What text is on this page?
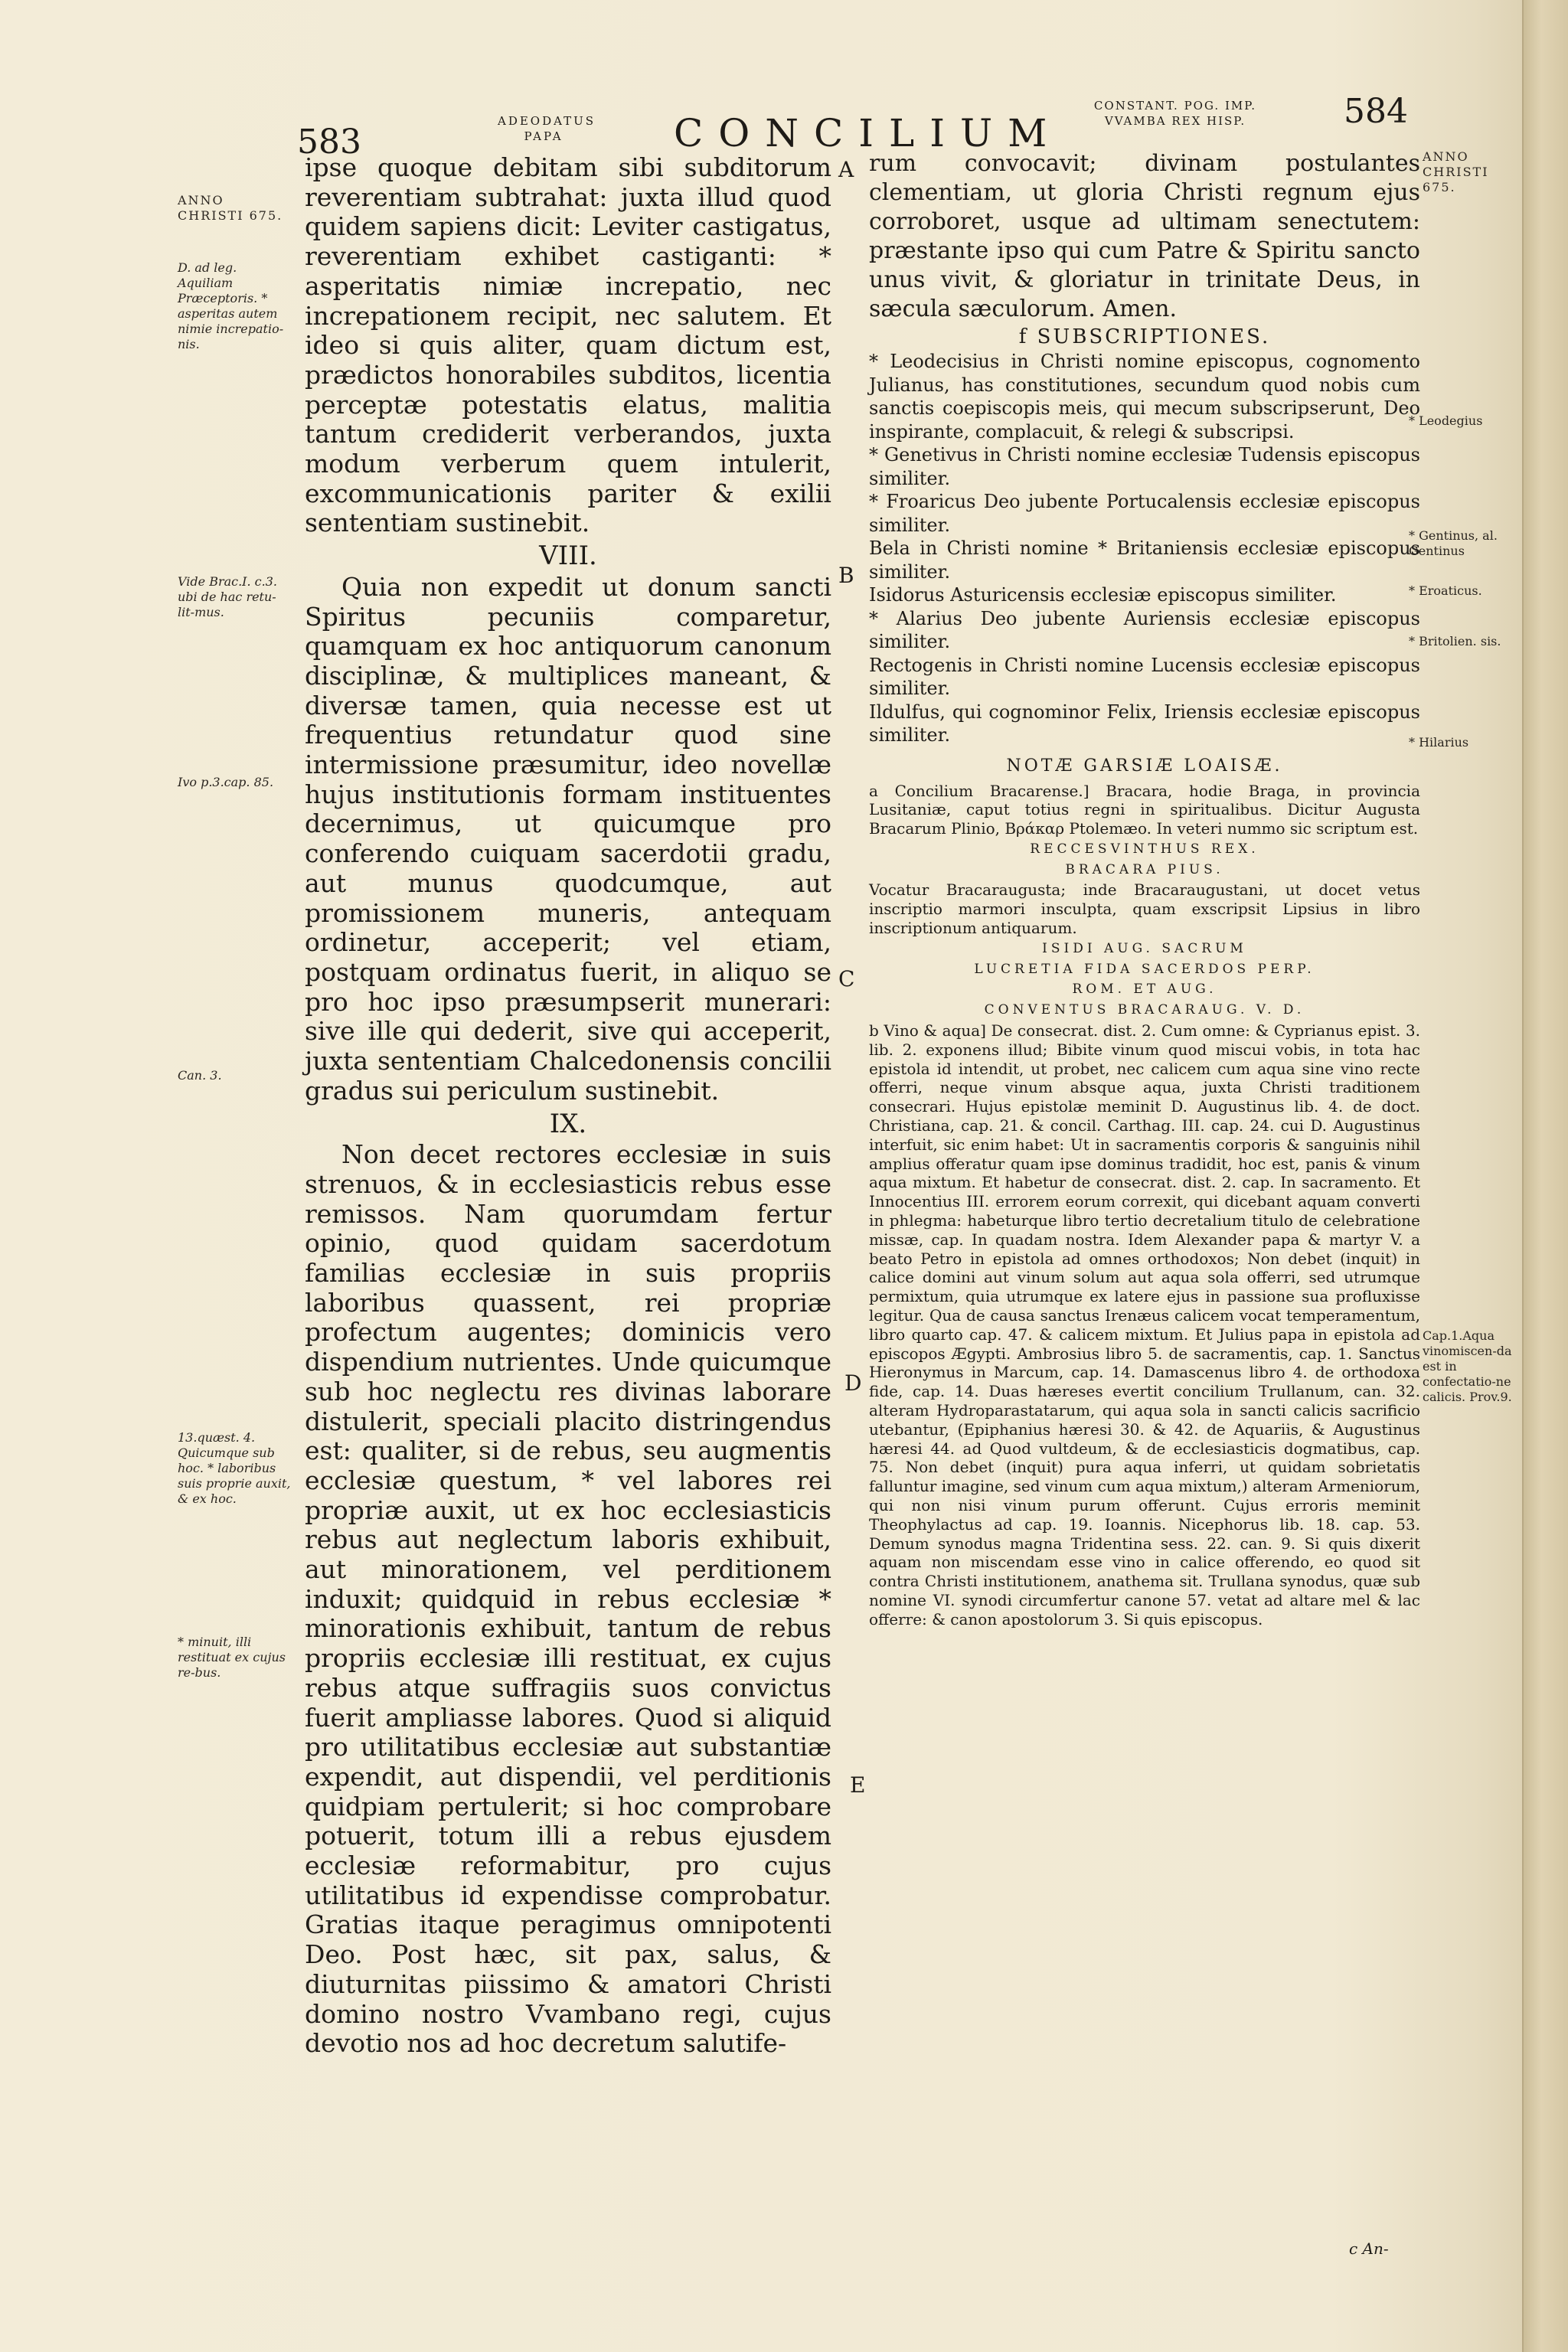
583
ADEODATUS
PAPA	CONCILIUM
CONSTANT. POG. IMP.
VVAMBA REX HISP.	584
ANNO CHRISTI 675.
D. ad leg. Aquiliam Præceptoris. * asperitas autem nimie increpatio-nis.
Vide Brac.I. c.3. ubi de hac retu-lit-mus.
Ivo p.3.cap. 85.
Can. 3.
13.quæst. 4. Quicumque sub hoc. * laboribus suis proprie auxit, & ex hoc.
* minuit, illi restituat ex cujus re-bus.
ANNO CHRISTI 675.
* Leodegius
* Gentinus, al. Gentinus
* Eroaticus.
* Britolien. sis.
* Hilarius
Cap.1.Aqua vinomiscen-da est in confectatio-ne calicis. Prov.9.
A
B
C
D
E

ipse quoque debitam sibi subditorum reverentiam subtrahat: juxta illud quod quidem sapiens dicit: Leviter castigatus, reverentiam exhibet castiganti: * asperitatis nimiæ increpatio, nec increpationem recipit, nec salutem. Et ideo si quis aliter, quam dictum est, prædictos honorabiles subditos, licentia perceptæ potestatis elatus, malitia tantum crediderit verberandos, juxta modum verberum quem intulerit, excommunicationis pariter & exilii sententiam sustinebit.

VIII.

Quia non expedit ut donum sancti Spiritus pecuniis comparetur, quamquam ex hoc antiquorum canonum disciplinæ, & multiplices maneant, & diversæ tamen, quia necesse est ut frequentius retundatur quod sine intermissione præsumitur, ideo novellæ hujus institutionis formam instituentes decernimus, ut quicumque pro conferendo cuiquam sacerdotii gradu, aut munus quodcumque, aut promissionem muneris, antequam ordinetur, acceperit; vel etiam, postquam ordinatus fuerit, in aliquo se pro hoc ipso præsumpserit munerari: sive ille qui dederit, sive qui acceperit, juxta sententiam Chalcedonensis concilii gradus sui periculum sustinebit.

IX.

Non decet rectores ecclesiæ in suis strenuos, & in ecclesiasticis rebus esse remissos. Nam quorumdam fertur opinio, quod quidam sacerdotum familias ecclesiæ in suis propriis laboribus quassent, rei propriæ profectum augentes; dominicis vero dispendium nutrientes. Unde quicumque sub hoc neglectu res divinas laborare distulerit, speciali placito distringendus est: qualiter, si de rebus, seu augmentis ecclesiæ questum, * vel labores rei propriæ auxit, ut ex hoc ecclesiasticis rebus aut neglectum laboris exhibuit, aut minorationem, vel perditionem induxit; quidquid in rebus ecclesiæ * minorationis exhibuit, tantum de rebus propriis ecclesiæ illi restituat, ex cujus rebus atque suffragiis suos convictus fuerit ampliasse labores. Quod si aliquid pro utilitatibus ecclesiæ aut substantiæ expendit, aut dispendii, vel perditionis quidpiam pertulerit; si hoc comprobare potuerit, totum illi a rebus ejusdem ecclesiæ reformabitur, pro cujus utilitatibus id expendisse comprobatur. Gratias itaque peragimus omnipotenti Deo. Post hæc, sit pax, salus, & diuturnitas piissimo & amatori Christi domino nostro Vvambano regi, cujus devotio nos ad hoc decretum salutife-

rum convocavit; divinam postulantes clementiam, ut gloria Christi regnum ejus corroboret, usque ad ultimam senectutem: præstante ipso qui cum Patre & Spiritu sancto unus vivit, & gloriatur in trinitate Deus, in sæcula sæculorum. Amen.

f SUBSCRIPTIONES.

* Leodecisius in Christi nomine episcopus, cognomento Julianus, has constitutiones, secundum quod nobis cum sanctis coepiscopis meis, qui mecum subscripserunt, Deo inspirante, complacuit, & relegi & subscripsi.

* Genetivus in Christi nomine ecclesiæ Tudensis episcopus similiter.

* Froaricus Deo jubente Portucalensis ecclesiæ episcopus similiter.

Bela in Christi nomine * Britaniensis ecclesiæ episcopus similiter.

Isidorus Asturicensis ecclesiæ episcopus similiter.

* Alarius Deo jubente Auriensis ecclesiæ episcopus similiter.

Rectogenis in Christi nomine Lucensis ecclesiæ episcopus similiter.

Ildulfus, qui cognominor Felix, Iriensis ecclesiæ episcopus similiter.

NOTÆ GARSIÆ LOAISÆ.

a Concilium Bracarense.] Bracara, hodie Braga, in provincia Lusitaniæ, caput totius regni in spiritualibus. Dicitur Augusta Bracarum Plinio, Βράκαρ Ptolemæo. In veteri nummo sic scriptum est.

RECCESVINTHUS REX.
BRACARA PIUS.

Vocatur Bracaraugusta; inde Bracaraugustani, ut docet vetus inscriptio marmori insculpta, quam exscripsit Lipsius in libro inscriptionum antiquarum.

ISIDI AUG. SACRUM
LUCRETIA FIDA SACERDOS PERP.
ROM. ET AUG.
CONVENTUS BRACARAUG. V. D.

b Vino & aqua] De consecrat. dist. 2. Cum omne: & Cyprianus epist. 3. lib. 2. exponens illud; Bibite vinum quod miscui vobis, in tota hac epistola id intendit, ut probet, nec calicem cum aqua sine vino recte offerri, neque vinum absque aqua, juxta Christi traditionem consecrari. Hujus epistolæ meminit D. Augustinus lib. 4. de doct. Christiana, cap. 21. & concil. Carthag. III. cap. 24. cui D. Augustinus interfuit, sic enim habet: Ut in sacramentis corporis & sanguinis nihil amplius offeratur quam ipse dominus tradidit, hoc est, panis & vinum aqua mixtum. Et habetur de consecrat. dist. 2. cap. In sacramento. Et Innocentius III. errorem eorum correxit, qui dicebant aquam converti in phlegma: habeturque libro tertio decretalium titulo de celebratione missæ, cap. In quadam nostra. Idem Alexander papa & martyr V. a beato Petro in epistola ad omnes orthodoxos; Non debet (inquit) in calice domini aut vinum solum aut aqua sola offerri, sed utrumque permixtum, quia utrumque ex latere ejus in passione sua profluxisse legitur. Qua de causa sanctus Irenæus calicem vocat temperamentum, libro quarto cap. 47. & calicem mixtum. Et Julius papa in epistola ad episcopos Ægypti. Ambrosius libro 5. de sacramentis, cap. 1. Sanctus Hieronymus in Marcum, cap. 14. Damascenus libro 4. de orthodoxa fide, cap. 14. Duas hæreses evertit concilium Trullanum, can. 32. alteram Hydroparastatarum, qui aqua sola in sancti calicis sacrificio utebantur, (Epiphanius hæresi 30. & 42. de Aquariis, & Augustinus hæresi 44. ad Quod vultdeum, & de ecclesiasticis dogmatibus, cap. 75. Non debet (inquit) pura aqua inferri, ut quidam sobrietatis falluntur imagine, sed vinum cum aqua mixtum,) alteram Armeniorum, qui non nisi vinum purum offerunt. Cujus erroris meminit Theophylactus ad cap. 19. Ioannis. Nicephorus lib. 18. cap. 53. Demum synodus magna Tridentina sess. 22. can. 9. Si quis dixerit aquam non miscendam esse vino in calice offerendo, eo quod sit contra Christi institutionem, anathema sit. Trullana synodus, quæ sub nomine VI. synodi circumfertur canone 57. vetat ad altare mel & lac offerre: & canon apostolorum 3. Si quis episcopus.

c An-
